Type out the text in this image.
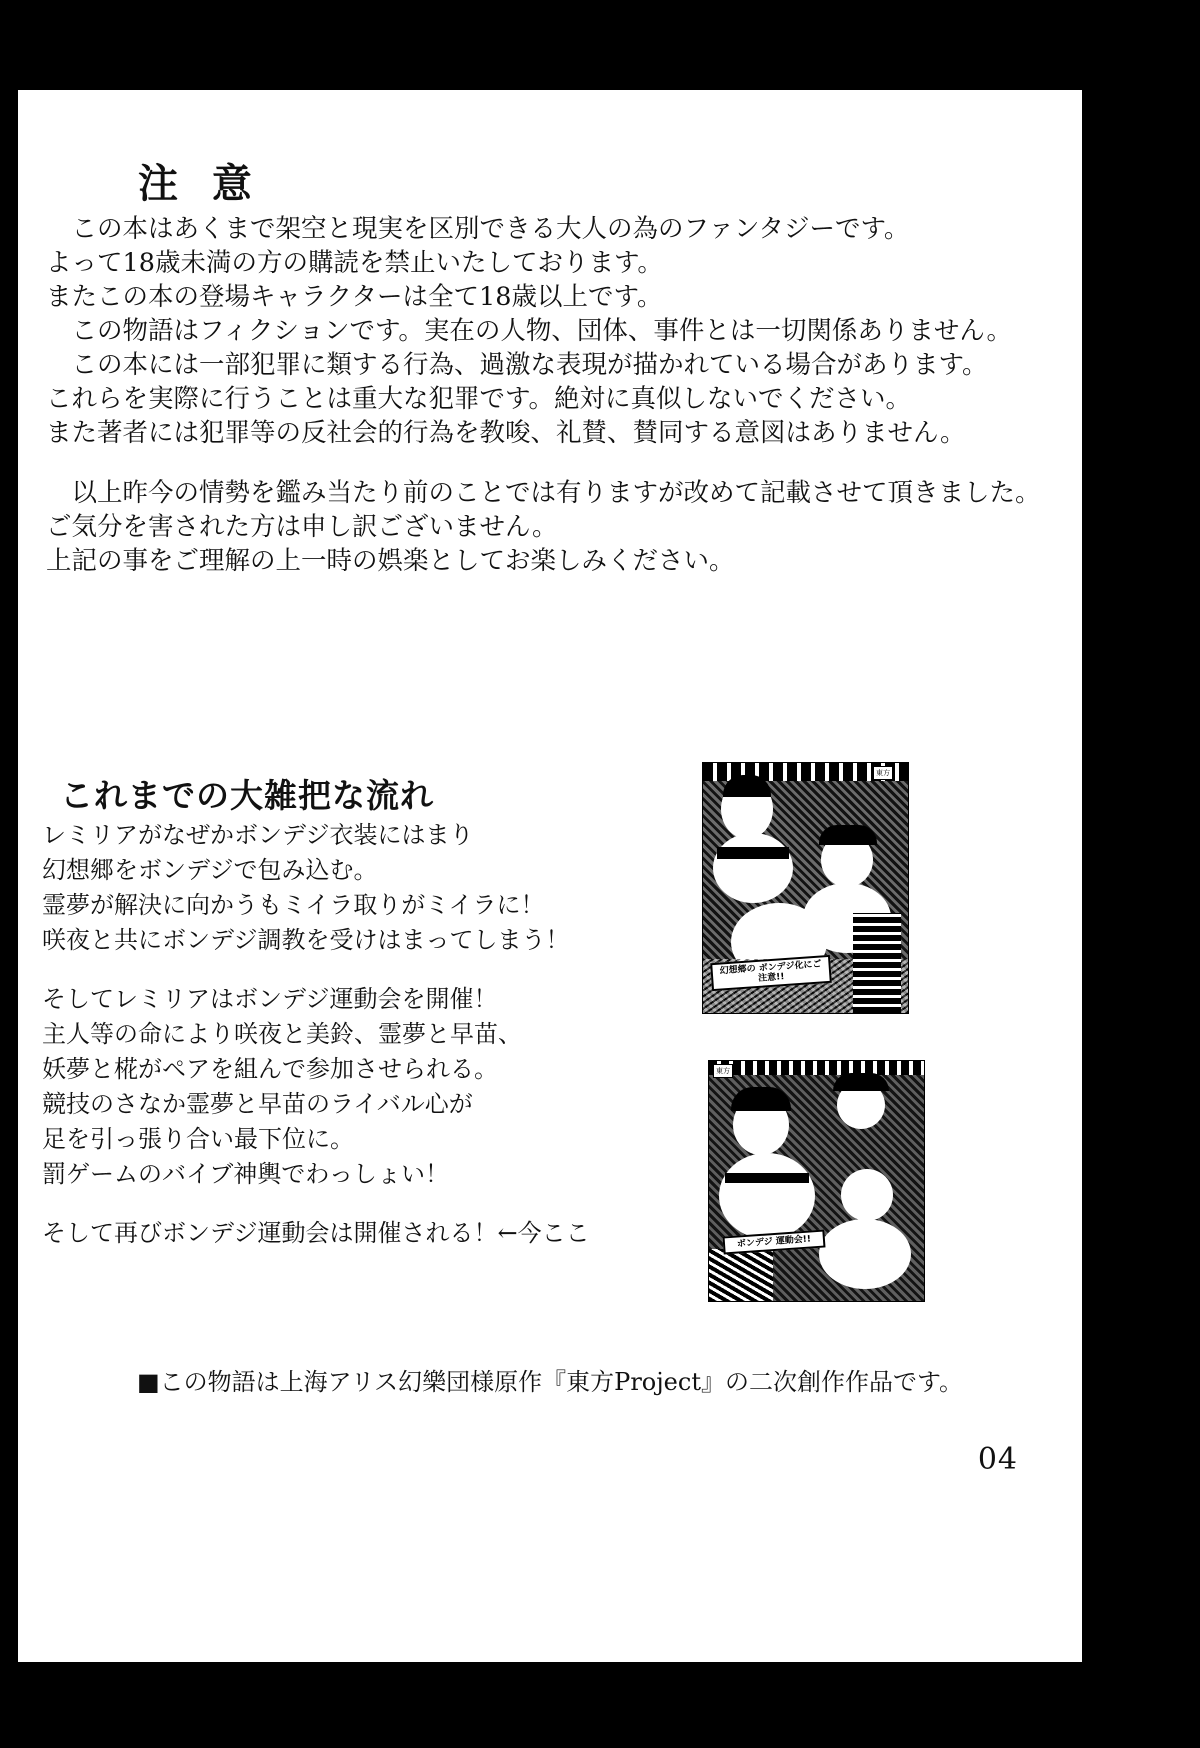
注 意

　この本はあくまで架空と現実を区別できる大人の為のファンタジーです。

よって18歳未満の方の購読を禁止いたしております。

またこの本の登場キャラクターは全て18歳以上です。

　この物語はフィクションです。実在の人物、団体、事件とは一切関係ありません。

　この本には一部犯罪に類する行為、過激な表現が描かれている場合があります。

これらを実際に行うことは重大な犯罪です。絶対に真似しないでください。

また著者には犯罪等の反社会的行為を教唆、礼賛、賛同する意図はありません。

　以上昨今の情勢を鑑み当たり前のことでは有りますが改めて記載させて頂きました。

ご気分を害された方は申し訳ございません。

上記の事をご理解の上一時の娯楽としてお楽しみください。

これまでの大雑把な流れ

レミリアがなぜかボンデジ衣装にはまり

幻想郷をボンデジで包み込む。

霊夢が解決に向かうもミイラ取りがミイラに！

咲夜と共にボンデジ調教を受けはまってしまう！

そしてレミリアはボンデジ運動会を開催！

主人等の命により咲夜と美鈴、霊夢と早苗、

妖夢と椛がペアを組んで参加させられる。

競技のさなか霊夢と早苗のライバル心が

足を引っ張り合い最下位に。

罰ゲームのバイブ神輿でわっしょい！

そして再びボンデジ運動会は開催される！←今ここ

東方
幻想郷の ボンデジ化にご注意!!
東方
ボンデジ 運動会!!
■この物語は上海アリス幻樂団様原作『東方Project』の二次創作作品です。
04
